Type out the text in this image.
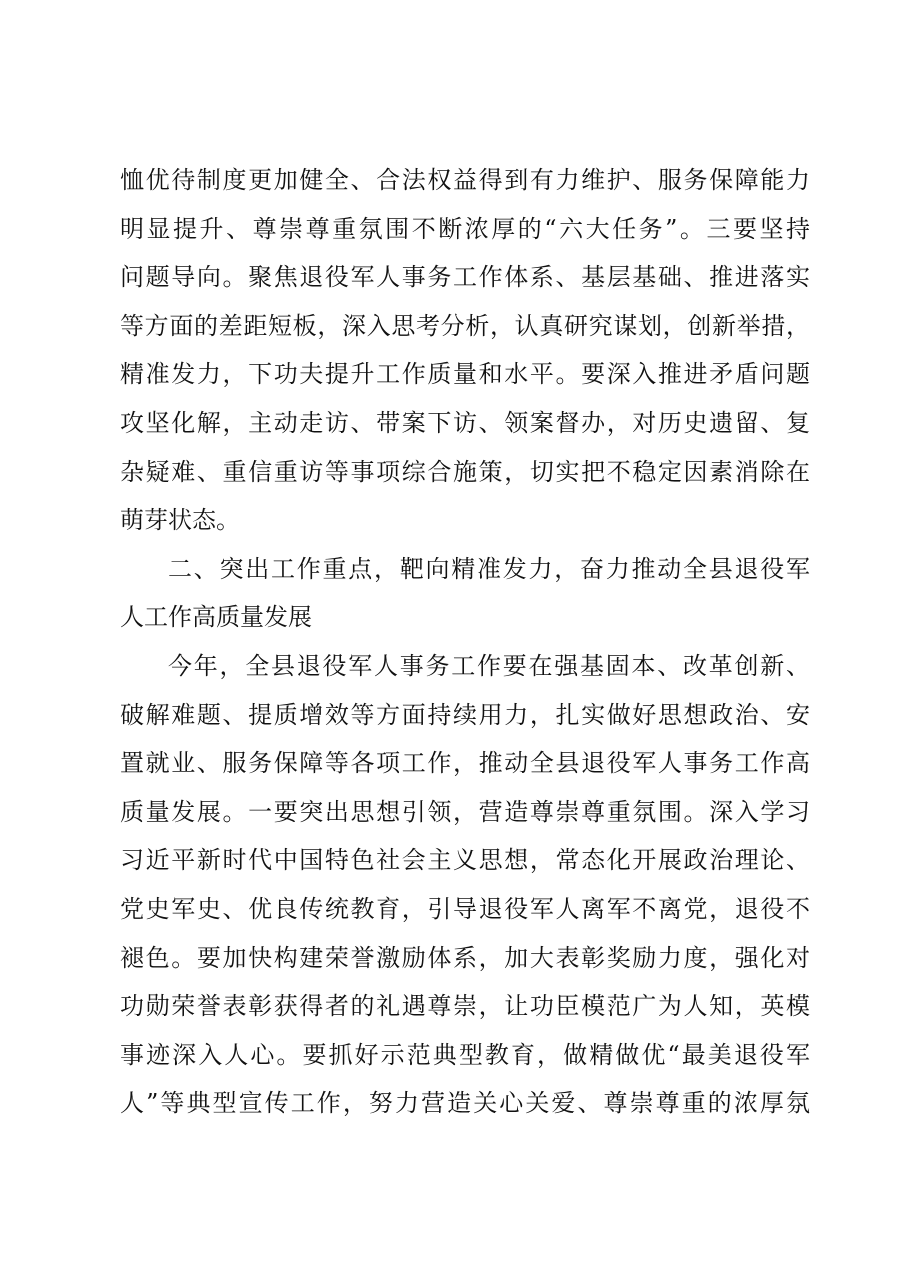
恤优待制度更加健全、合法权益得到有力维护、服务保障能力
明显提升、尊崇尊重氛围不断浓厚的“六大任务”。三要坚持
问题导向。聚焦退役军人事务工作体系、基层基础、推进落实
等方面的差距短板，深入思考分析，认真研究谋划，创新举措，
精准发力，下功夫提升工作质量和水平。要深入推进矛盾问题
攻坚化解，主动走访、带案下访、领案督办，对历史遗留、复
杂疑难、重信重访等事项综合施策，切实把不稳定因素消除在
萌芽状态。
二、突出工作重点，靶向精准发力，奋力推动全县退役军
人工作高质量发展
今年，全县退役军人事务工作要在强基固本、改革创新、
破解难题、提质增效等方面持续用力，扎实做好思想政治、安
置就业、服务保障等各项工作，推动全县退役军人事务工作高
质量发展。一要突出思想引领，营造尊崇尊重氛围。深入学习
习近平新时代中国特色社会主义思想，常态化开展政治理论、
党史军史、优良传统教育，引导退役军人离军不离党，退役不
褪色。要加快构建荣誉激励体系，加大表彰奖励力度，强化对
功勋荣誉表彰获得者的礼遇尊崇，让功臣模范广为人知，英模
事迹深入人心。要抓好示范典型教育，做精做优“最美退役军
人”等典型宣传工作，努力营造关心关爱、尊崇尊重的浓厚氛
